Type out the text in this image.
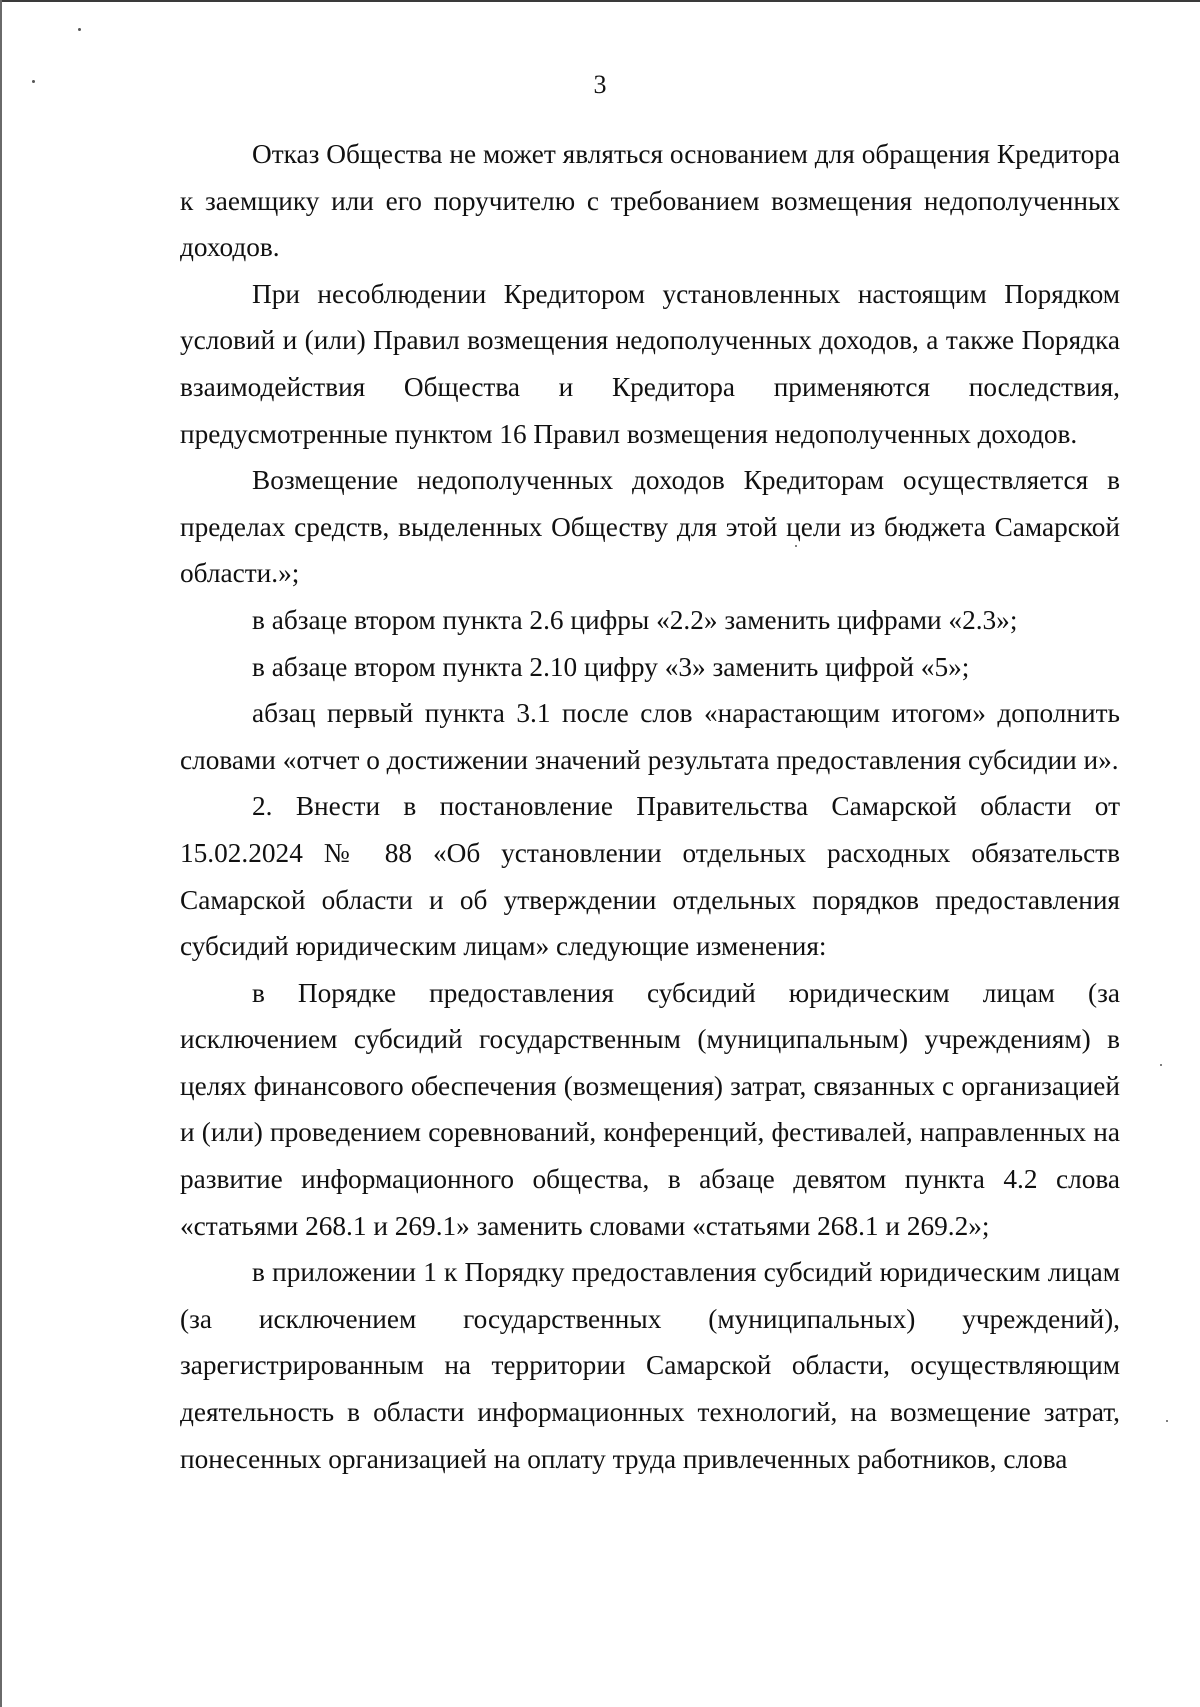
3

Отказ Общества не может являться основанием для обращения Кредитора к заемщику или его поручителю с требованием возмещения недополученных доходов.

При несоблюдении Кредитором установленных настоящим Порядком условий и (или) Правил возмещения недополученных доходов, а также Порядка взаимодействия Общества и Кредитора применяются последствия, предусмотренные пунктом 16 Правил возмещения недополученных доходов.

Возмещение недополученных доходов Кредиторам осуществляется в пределах средств, выделенных Обществу для этой цели из бюджета Самарской области.»;

в абзаце втором пункта 2.6 цифры «2.2» заменить цифрами «2.3»;

в абзаце втором пункта 2.10 цифру «3» заменить цифрой «5»;

абзац первый пункта 3.1 после слов «нарастающим итогом» дополнить словами «отчет о достижении значений результата предоставления субсидии и».

2. Внести в постановление Правительства Самарской области от 15.02.2024 № 88 «Об установлении отдельных расходных обязательств Самарской области и об утверждении отдельных порядков предоставления субсидий юридическим лицам» следующие изменения:

в Порядке предоставления субсидий юридическим лицам (за исключением субсидий государственным (муниципальным) учреждениям) в целях финансового обеспечения (возмещения) затрат, связанных с организацией и (или) проведением соревнований, конференций, фестивалей, направленных на развитие информационного общества, в абзаце девятом пункта 4.2 слова «статьями 268.1 и 269.1» заменить словами «статьями 268.1 и 269.2»;

в приложении 1 к Порядку предоставления субсидий юридическим лицам (за исключением государственных (муниципальных) учреждений), зарегистрированным на территории Самарской области, осуществляющим деятельность в области информационных технологий, на возмещение затрат, понесенных организацией на оплату труда привлеченных работников, слова
